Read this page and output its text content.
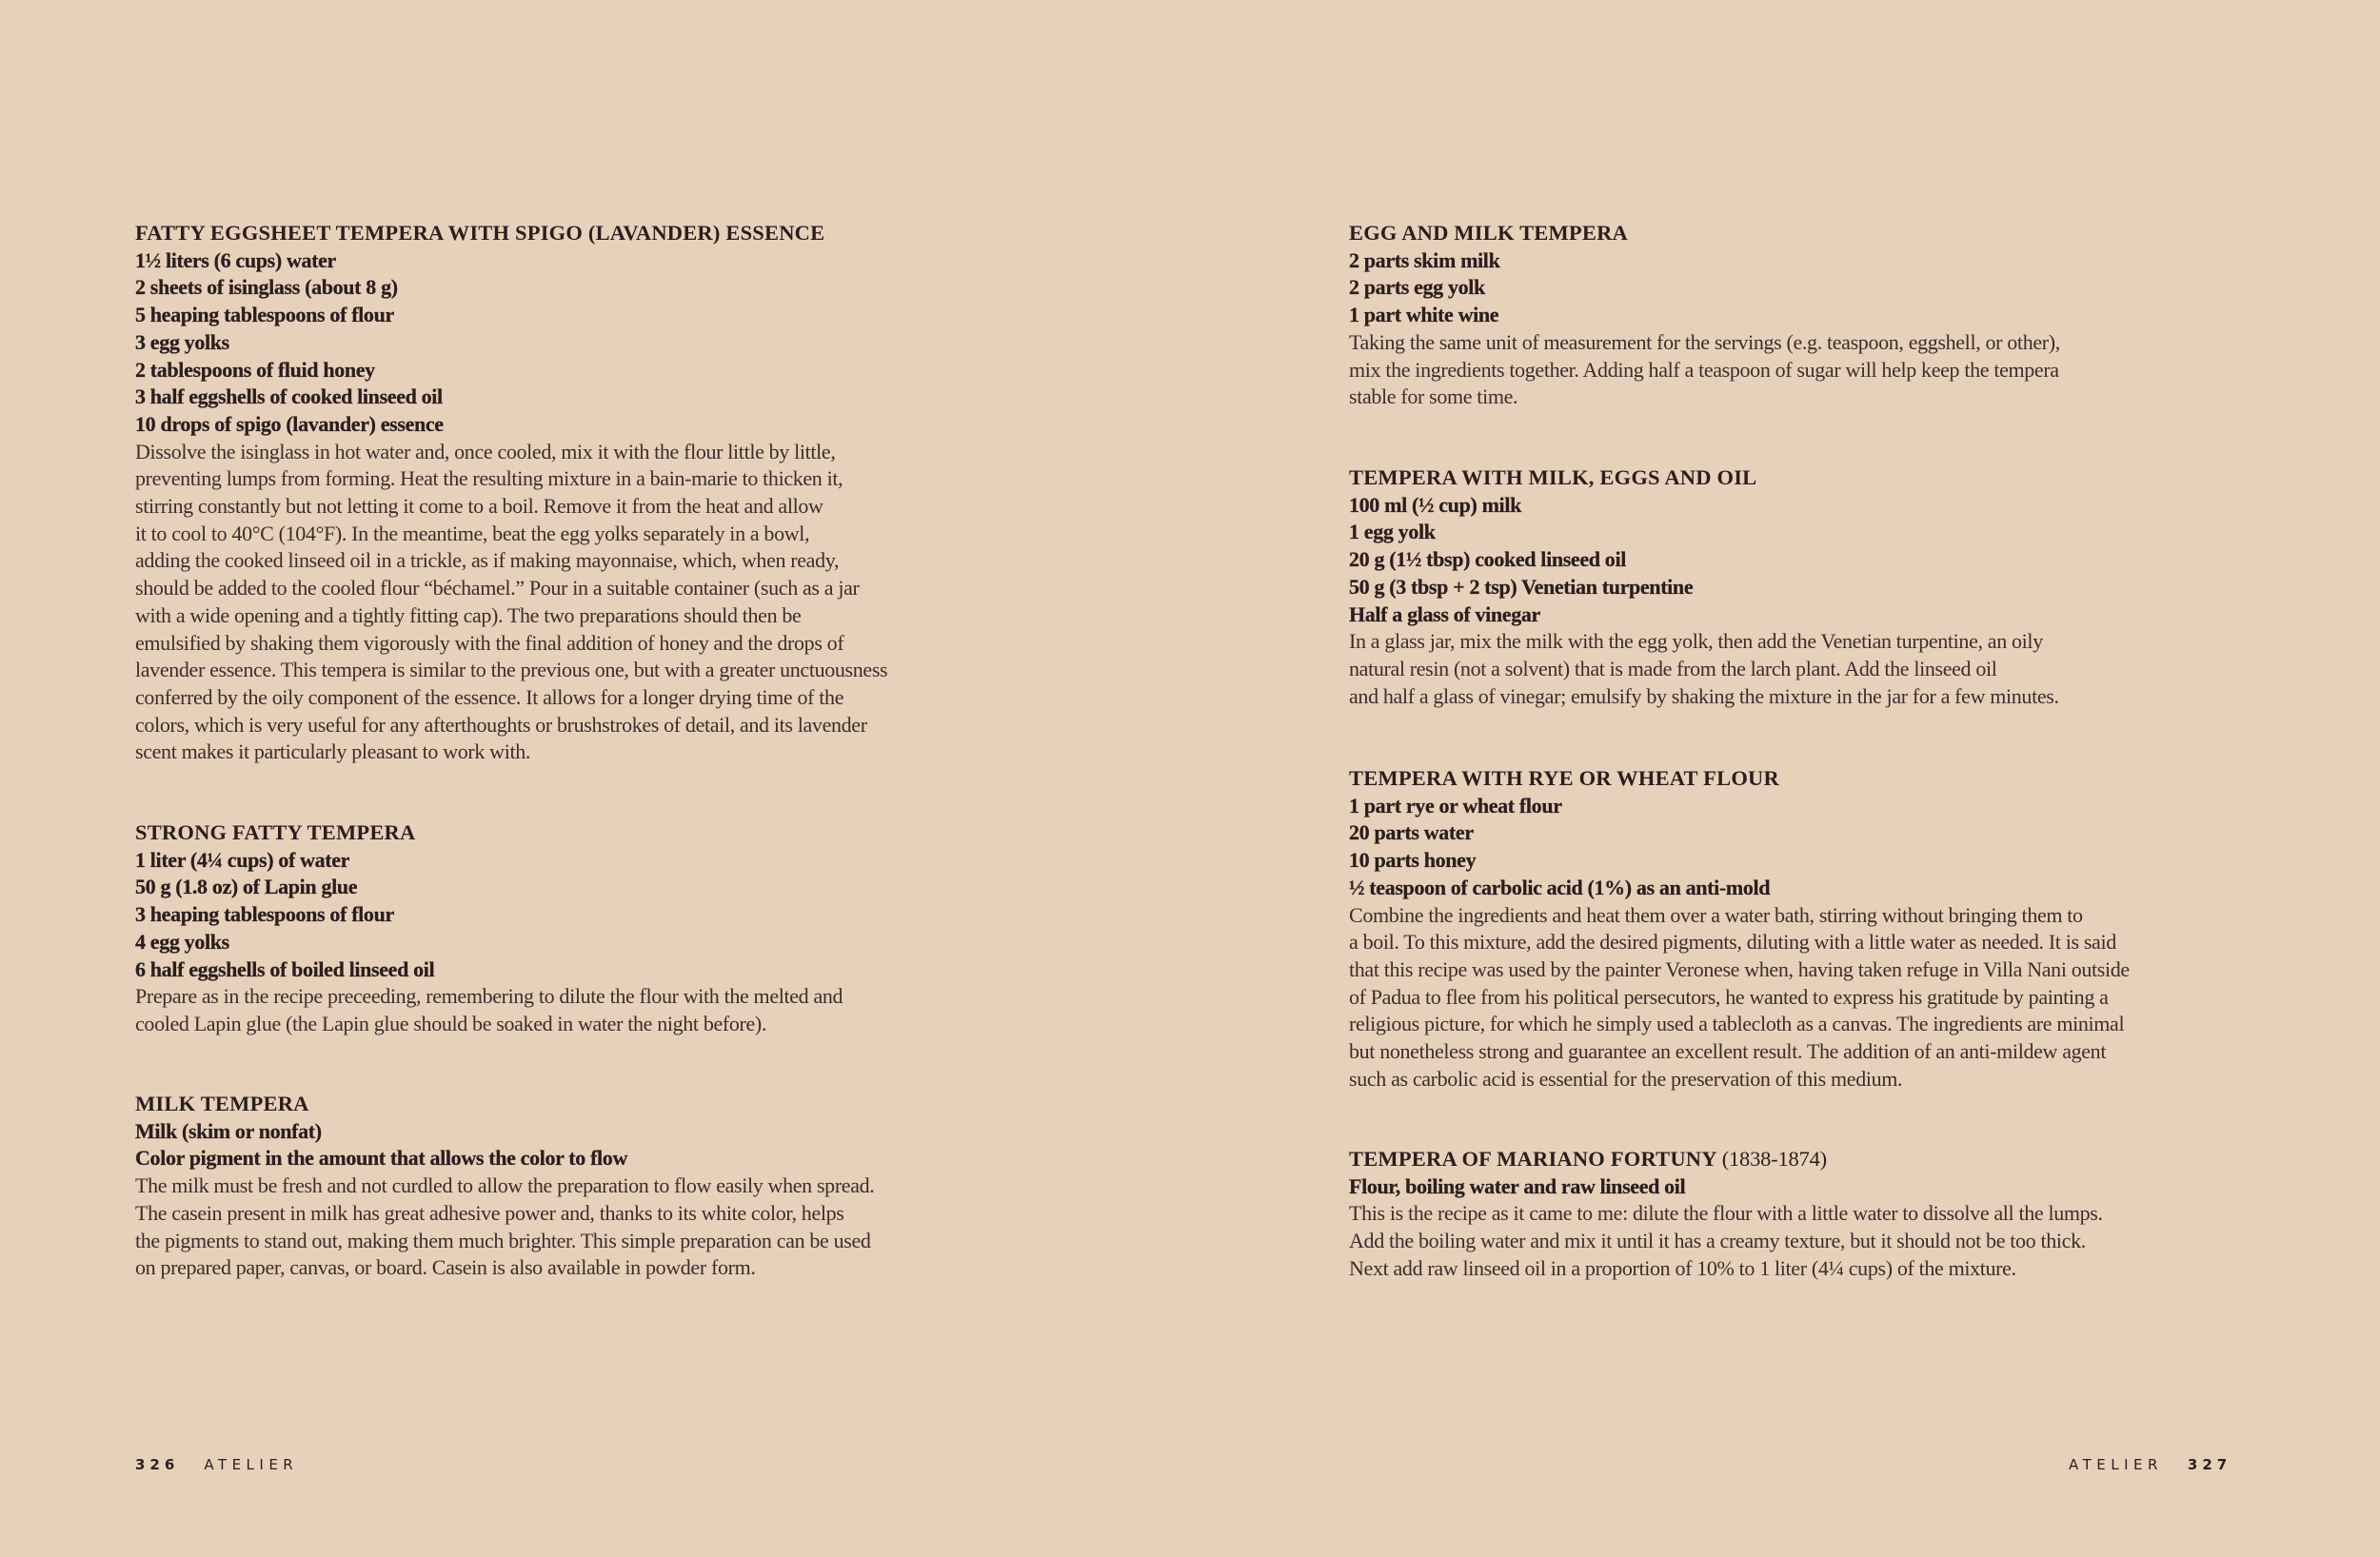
FATTY EGGSHEET TEMPERA WITH SPIGO (LAVANDER) ESSENCE
1½ liters (6 cups) water
2 sheets of isinglass (about 8 g)
5 heaping tablespoons of flour
3 egg yolks
2 tablespoons of fluid honey
3 half eggshells of cooked linseed oil
10 drops of spigo (lavander) essence
Dissolve the isinglass in hot water and, once cooled, mix it with the flour little by little,
preventing lumps from forming. Heat the resulting mixture in a bain-marie to thicken it,
stirring constantly but not letting it come to a boil. Remove it from the heat and allow
it to cool to 40°C (104°F). In the meantime, beat the egg yolks separately in a bowl,
adding the cooked linseed oil in a trickle, as if making mayonnaise, which, when ready,
should be added to the cooled flour “béchamel.” Pour in a suitable container (such as a jar
with a wide opening and a tightly fitting cap). The two preparations should then be
emulsified by shaking them vigorously with the final addition of honey and the drops of
lavender essence. This tempera is similar to the previous one, but with a greater unctuousness
conferred by the oily component of the essence. It allows for a longer drying time of the
colors, which is very useful for any afterthoughts or brushstrokes of detail, and its lavender
scent makes it particularly pleasant to work with.
STRONG FATTY TEMPERA
1 liter (4¼ cups) of water
50 g (1.8 oz) of Lapin glue
3 heaping tablespoons of flour
4 egg yolks
6 half eggshells of boiled linseed oil
Prepare as in the recipe preceeding, remembering to dilute the flour with the melted and
cooled Lapin glue (the Lapin glue should be soaked in water the night before).
MILK TEMPERA
Milk (skim or nonfat)
Color pigment in the amount that allows the color to flow
The milk must be fresh and not curdled to allow the preparation to flow easily when spread.
The casein present in milk has great adhesive power and, thanks to its white color, helps
the pigments to stand out, making them much brighter. This simple preparation can be used
on prepared paper, canvas, or board. Casein is also available in powder form.
EGG AND MILK TEMPERA
2 parts skim milk
2 parts egg yolk
1 part white wine
Taking the same unit of measurement for the servings (e.g. teaspoon, eggshell, or other),
mix the ingredients together. Adding half a teaspoon of sugar will help keep the tempera
stable for some time.
TEMPERA WITH MILK, EGGS AND OIL
100 ml (½ cup) milk
1 egg yolk
20 g (1½ tbsp) cooked linseed oil
50 g (3 tbsp + 2 tsp) Venetian turpentine
Half a glass of vinegar
In a glass jar, mix the milk with the egg yolk, then add the Venetian turpentine, an oily
natural resin (not a solvent) that is made from the larch plant. Add the linseed oil
and half a glass of vinegar; emulsify by shaking the mixture in the jar for a few minutes.
TEMPERA WITH RYE OR WHEAT FLOUR
1 part rye or wheat flour
20 parts water
10 parts honey
½ teaspoon of carbolic acid (1%) as an anti-mold
Combine the ingredients and heat them over a water bath, stirring without bringing them to
a boil. To this mixture, add the desired pigments, diluting with a little water as needed. It is said
that this recipe was used by the painter Veronese when, having taken refuge in Villa Nani outside
of Padua to flee from his political persecutors, he wanted to express his gratitude by painting a
religious picture, for which he simply used a tablecloth as a canvas. The ingredients are minimal
but nonetheless strong and guarantee an excellent result. The addition of an anti-mildew agent
such as carbolic acid is essential for the preservation of this medium.
TEMPERA OF MARIANO FORTUNY (1838-1874)
Flour, boiling water and raw linseed oil
This is the recipe as it came to me: dilute the flour with a little water to dissolve all the lumps.
Add the boiling water and mix it until it has a creamy texture, but it should not be too thick.
Next add raw linseed oil in a proportion of 10% to 1 liter (4¼ cups) of the mixture.
326 ATELIER	ATELIER 327
